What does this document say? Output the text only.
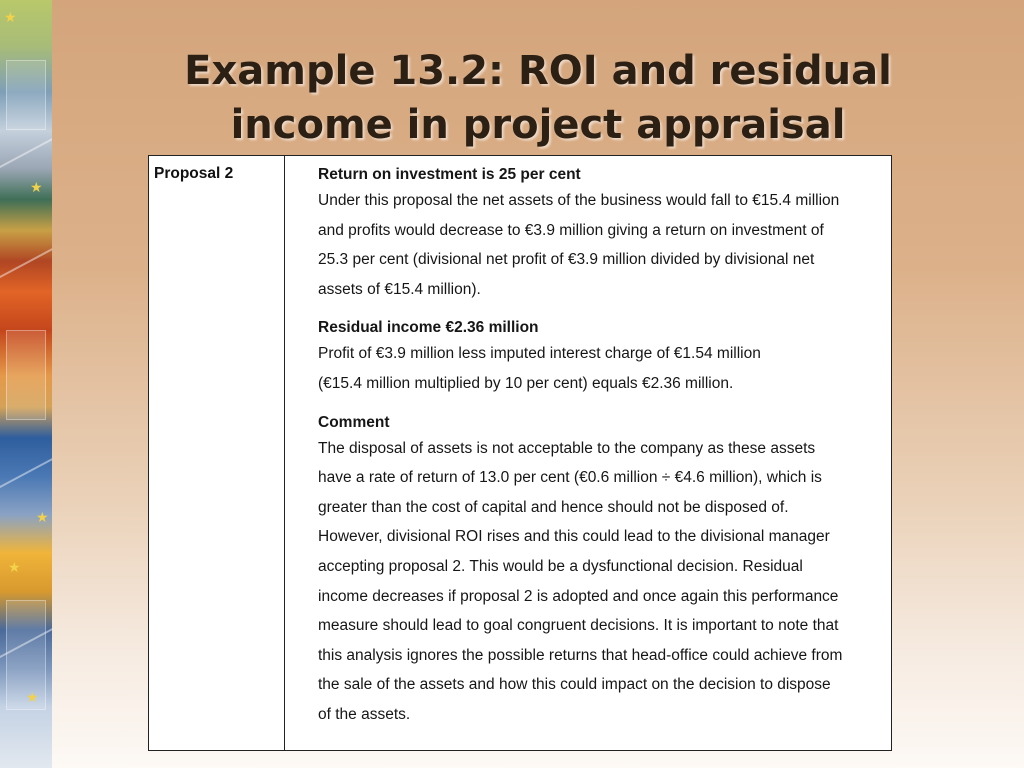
★
★
★
★
★
Example 13.2: ROI and residual
income in project appraisal
Proposal 2	Return on investment is 25 per cent
Under this proposal the net assets of the business would fall to €15.4 million
and profits would decrease to €3.9 million giving a return on investment of
25.3 per cent (divisional net profit of €3.9 million divided by divisional net
assets of €15.4 million).
Residual income €2.36 million
Profit of €3.9 million less imputed interest charge of €1.54 million
(€15.4 million multiplied by 10 per cent) equals €2.36 million.
Comment
The disposal of assets is not acceptable to the company as these assets
have a rate of return of 13.0 per cent (€0.6 million ÷ €4.6 million), which is
greater than the cost of capital and hence should not be disposed of.
However, divisional ROI rises and this could lead to the divisional manager
accepting proposal 2. This would be a dysfunctional decision. Residual
income decreases if proposal 2 is adopted and once again this performance
measure should lead to goal congruent decisions. It is important to note that
this analysis ignores the possible returns that head-office could achieve from
the sale of the assets and how this could impact on the decision to dispose
of the assets.
